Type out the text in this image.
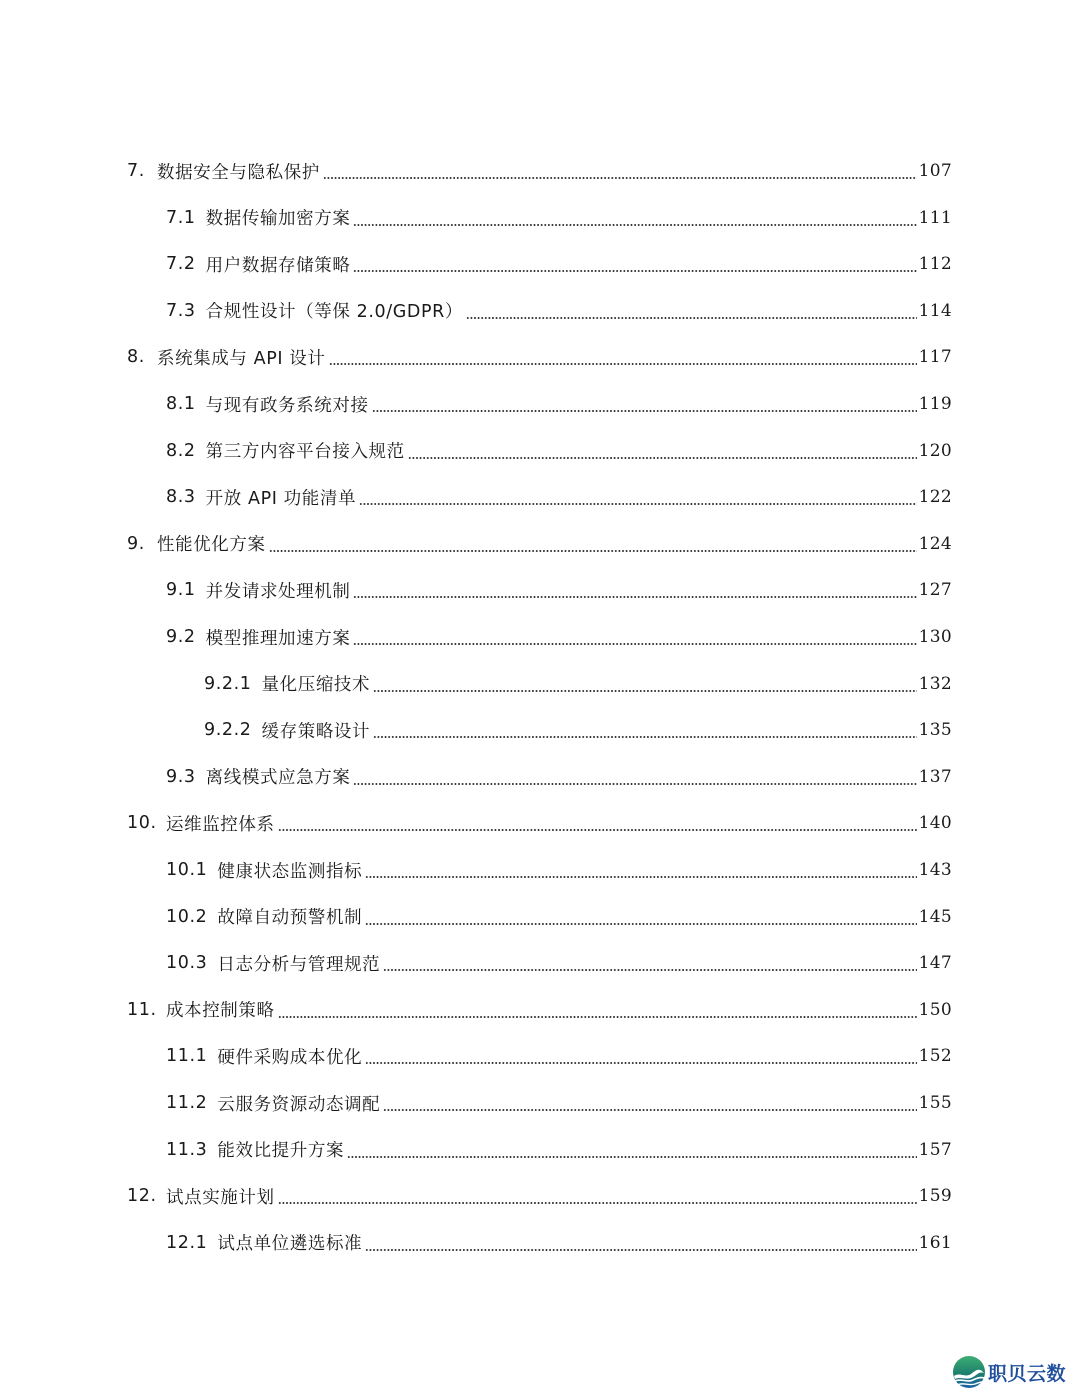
7. 数据安全与隐私保护	107
7.1 数据传输加密方案	111
7.2 用户数据存储策略	112
7.3 合规性设计（等保 2.0/GDPR）	114
8. 系统集成与 API 设计	117
8.1 与现有政务系统对接	119
8.2 第三方内容平台接入规范	120
8.3 开放 API 功能清单	122
9. 性能优化方案	124
9.1 并发请求处理机制	127
9.2 模型推理加速方案	130
9.2.1 量化压缩技术	132
9.2.2 缓存策略设计	135
9.3 离线模式应急方案	137
10. 运维监控体系	140
10.1 健康状态监测指标	143
10.2 故障自动预警机制	145
10.3 日志分析与管理规范	147
11. 成本控制策略	150
11.1 硬件采购成本优化	152
11.2 云服务资源动态调配	155
11.3 能效比提升方案	157
12. 试点实施计划	159
12.1 试点单位遴选标准	161
职贝云数
